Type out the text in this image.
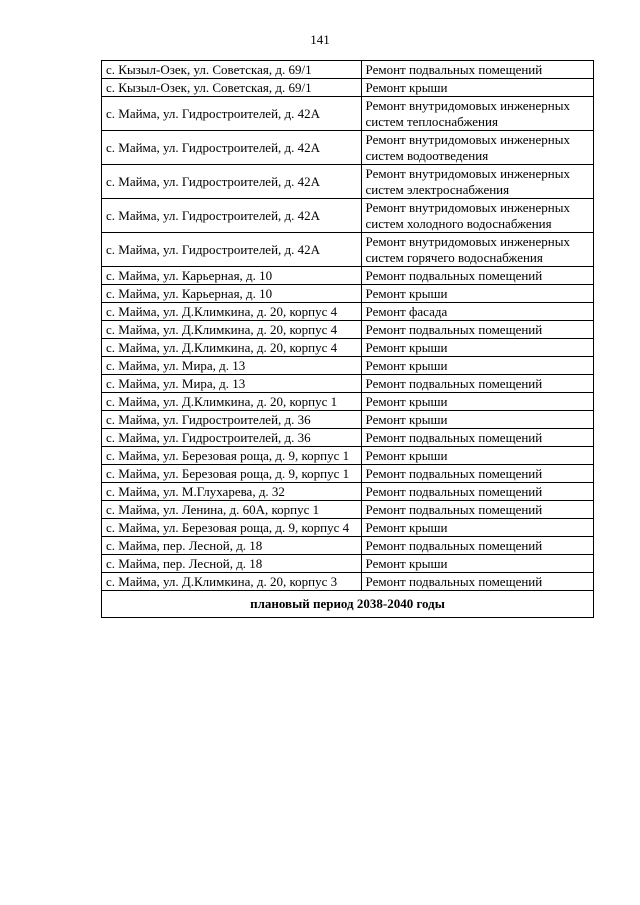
141
с. Кызыл-Озек, ул. Советская, д. 69/1	Ремонт подвальных помещений
с. Кызыл-Озек, ул. Советская, д. 69/1	Ремонт крыши
с. Майма, ул. Гидростроителей, д. 42А	Ремонт внутридомовых инженерных систем теплоснабжения
с. Майма, ул. Гидростроителей, д. 42А	Ремонт внутридомовых инженерных систем водоотведения
с. Майма, ул. Гидростроителей, д. 42А	Ремонт внутридомовых инженерных систем электроснабжения
с. Майма, ул. Гидростроителей, д. 42А	Ремонт внутридомовых инженерных систем холодного водоснабжения
с. Майма, ул. Гидростроителей, д. 42А	Ремонт внутридомовых инженерных систем горячего водоснабжения
с. Майма, ул. Карьерная, д. 10	Ремонт подвальных помещений
с. Майма, ул. Карьерная, д. 10	Ремонт крыши
с. Майма, ул. Д.Климкина, д. 20, корпус 4	Ремонт фасада
с. Майма, ул. Д.Климкина, д. 20, корпус 4	Ремонт подвальных помещений
с. Майма, ул. Д.Климкина, д. 20, корпус 4	Ремонт крыши
с. Майма, ул. Мира, д. 13	Ремонт крыши
с. Майма, ул. Мира, д. 13	Ремонт подвальных помещений
с. Майма, ул. Д.Климкина, д. 20, корпус 1	Ремонт крыши
с. Майма, ул. Гидростроителей, д. 36	Ремонт крыши
с. Майма, ул. Гидростроителей, д. 36	Ремонт подвальных помещений
с. Майма, ул. Березовая роща, д. 9, корпус 1	Ремонт крыши
с. Майма, ул. Березовая роща, д. 9, корпус 1	Ремонт подвальных помещений
с. Майма, ул. М.Глухарева, д. 32	Ремонт подвальных помещений
с. Майма, ул. Ленина, д. 60А, корпус 1	Ремонт подвальных помещений
с. Майма, ул. Березовая роща, д. 9, корпус 4	Ремонт крыши
с. Майма, пер. Лесной, д. 18	Ремонт подвальных помещений
с. Майма, пер. Лесной, д. 18	Ремонт крыши
с. Майма, ул. Д.Климкина, д. 20, корпус 3	Ремонт подвальных помещений
плановый период 2038-2040 годы	
